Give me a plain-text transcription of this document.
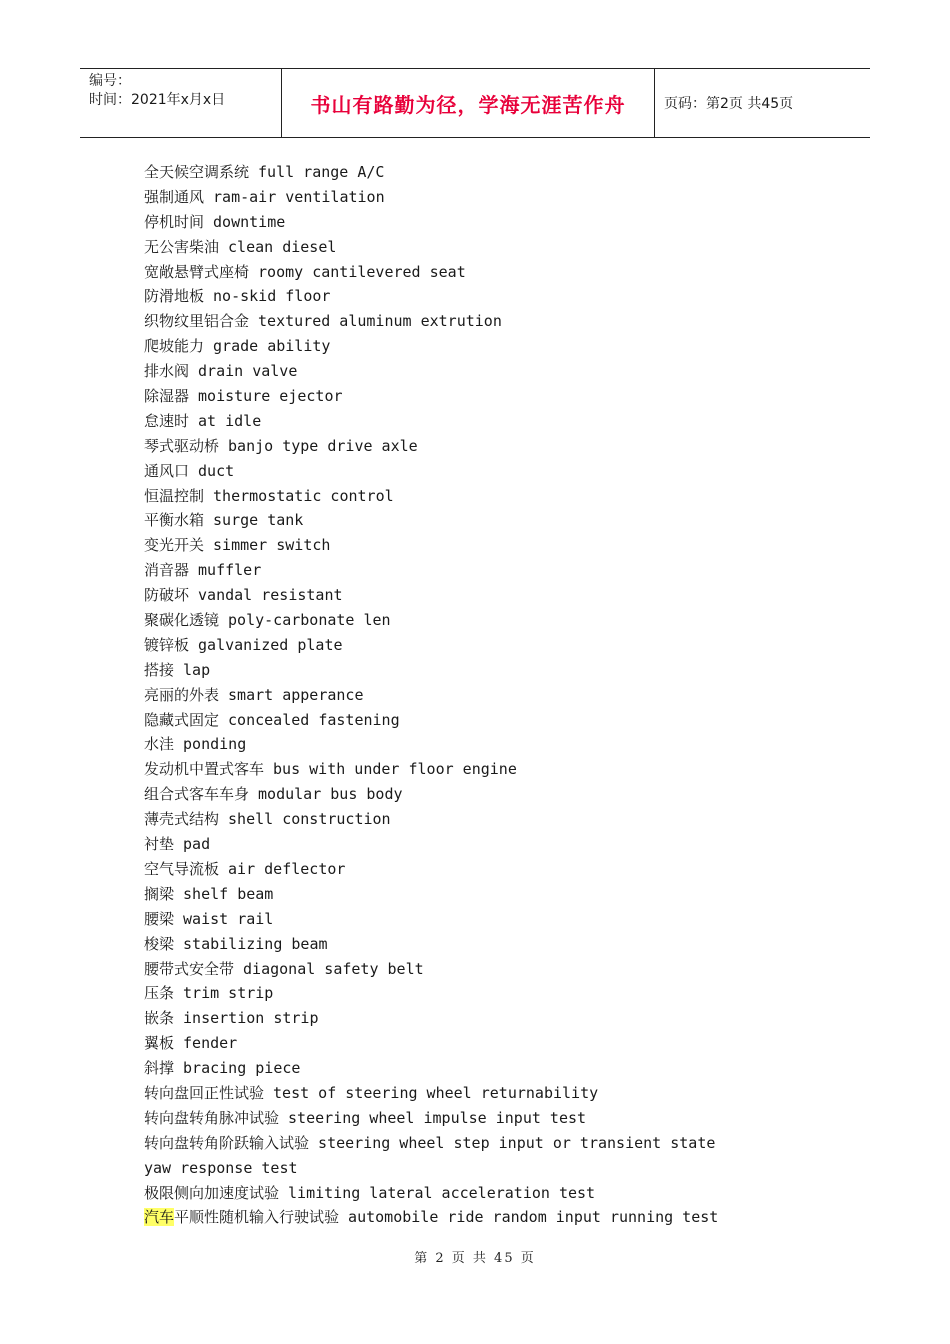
编号：
时间：2021年x月x日	书山有路勤为径，学海无涯苦作舟	页码：第2页 共45页
全天候空调系统 full range A/C
强制通风 ram-air ventilation
停机时间 downtime
无公害柴油 clean diesel
宽敞悬臂式座椅 roomy cantilevered seat
防滑地板 no-skid floor
织物纹里铝合金 textured aluminum extrution
爬坡能力 grade ability
排水阀 drain valve
除湿器 moisture ejector
怠速时 at idle
琴式驱动桥 banjo type drive axle
通风口 duct
恒温控制 thermostatic control
平衡水箱 surge tank
变光开关 simmer switch
消音器 muffler
防破坏 vandal resistant
聚碳化透镜 poly-carbonate len
镀锌板 galvanized plate
搭接 lap
亮丽的外表 smart apperance
隐藏式固定 concealed fastening
水洼 ponding
发动机中置式客车 bus with under floor engine
组合式客车车身 modular bus body
薄壳式结构 shell construction
衬垫 pad
空气导流板 air deflector
搁梁 shelf beam
腰梁 waist rail
梭梁 stabilizing beam
腰带式安全带 diagonal safety belt
压条 trim strip
嵌条 insertion strip
翼板 fender
斜撑 bracing piece
转向盘回正性试验 test of steering wheel returnability
转向盘转角脉冲试验 steering wheel impulse input test
转向盘转角阶跃输入试验 steering wheel step input or transient state
yaw response test
极限侧向加速度试验 limiting lateral acceleration test
汽车平顺性随机输入行驶试验 automobile ride random input running test
第 2 页 共 45 页
